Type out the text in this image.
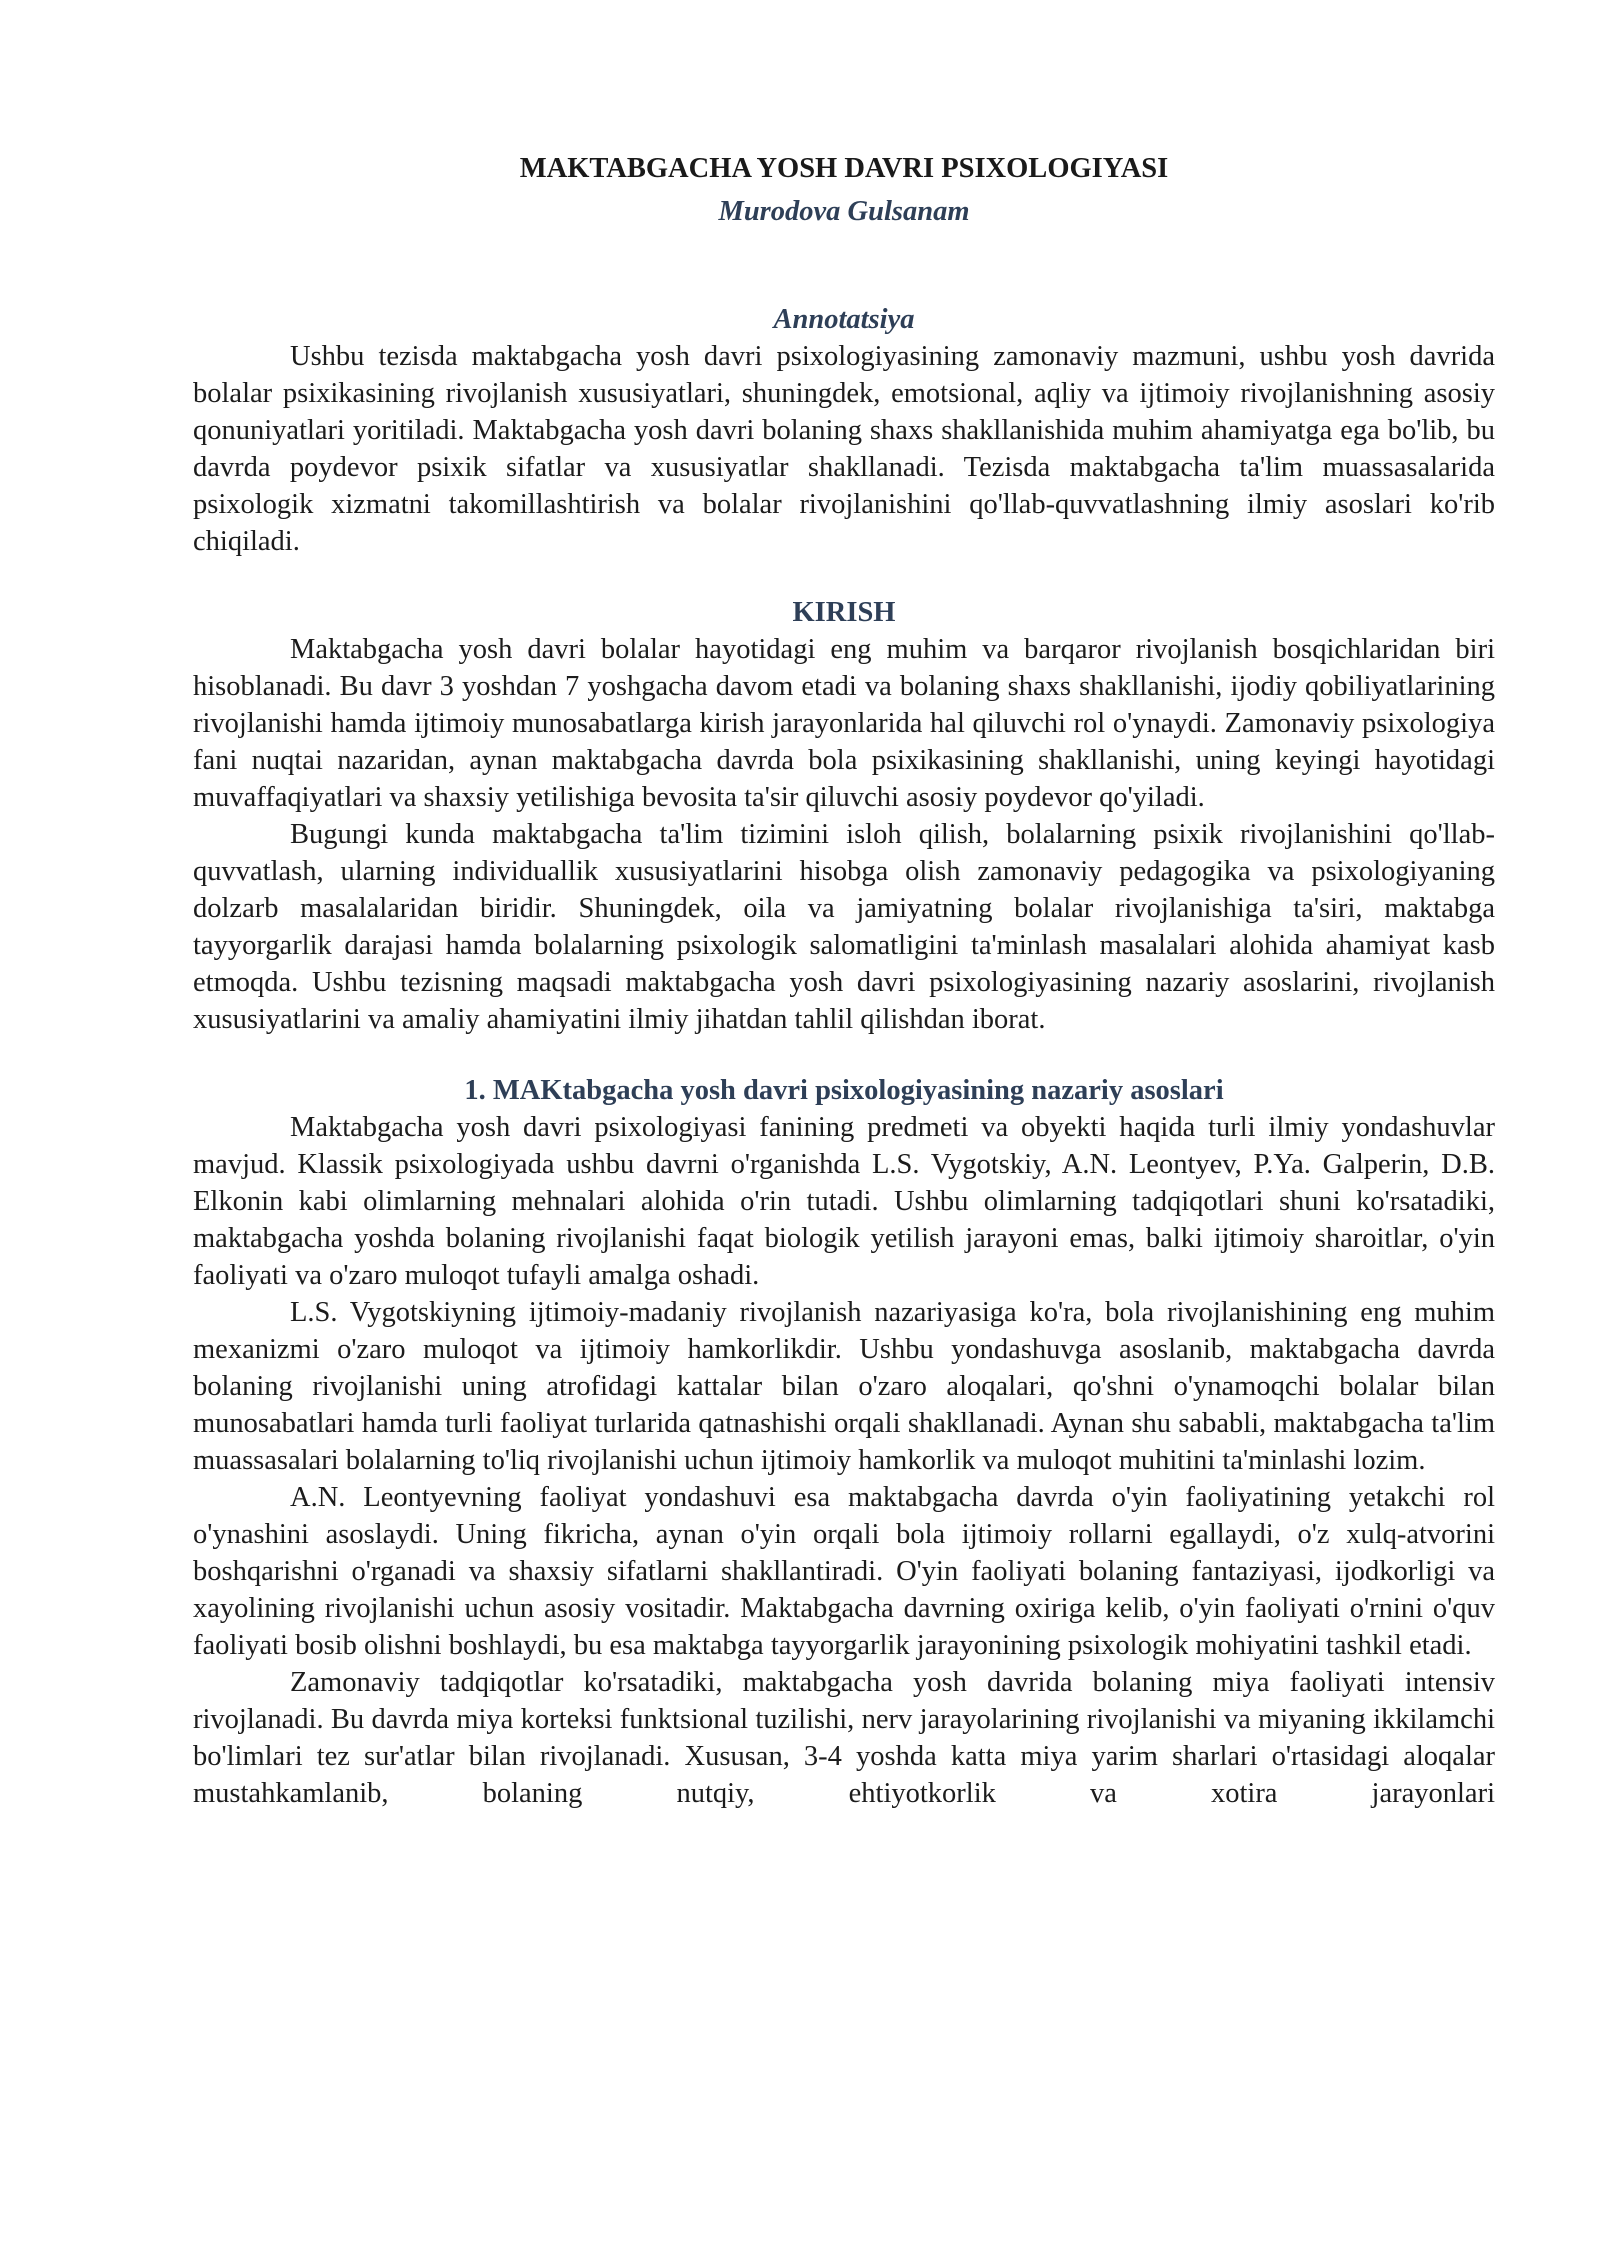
MAKTABGACHA YOSH DAVRI PSIXOLOGIYASI
Murodova Gulsanam
Annotatsiya

Ushbu tezisda maktabgacha yosh davri psixologiyasining zamonaviy mazmuni, ushbu yosh davrida bolalar psixikasining rivojlanish xususiyatlari, shuningdek, emotsional, aqliy va ijtimoiy rivojlanishning asosiy qonuniyatlari yoritiladi. Maktabgacha yosh davri bolaning shaxs shakllanishida muhim ahamiyatga ega bo'lib, bu davrda poydevor psixik sifatlar va xususiyatlar shakllanadi. Tezisda maktabgacha ta'lim muassasalarida psixologik xizmatni takomillashtirish va bolalar rivojlanishini qo'llab-quvvatlashning ilmiy asoslari ko'rib chiqiladi.

KIRISH

Maktabgacha yosh davri bolalar hayotidagi eng muhim va barqaror rivojlanish bosqichlaridan biri hisoblanadi. Bu davr 3 yoshdan 7 yoshgacha davom etadi va bolaning shaxs shakllanishi, ijodiy qobiliyatlarining rivojlanishi hamda ijtimoiy munosabatlarga kirish jarayonlarida hal qiluvchi rol o'ynaydi. Zamonaviy psixologiya fani nuqtai nazaridan, aynan maktabgacha davrda bola psixikasining shakllanishi, uning keyingi hayotidagi muvaffaqiyatlari va shaxsiy yetilishiga bevosita ta'sir qiluvchi asosiy poydevor qo'yiladi.

Bugungi kunda maktabgacha ta'lim tizimini isloh qilish, bolalarning psixik rivojlanishini qo'llab-quvvatlash, ularning individuallik xususiyatlarini hisobga olish zamonaviy pedagogika va psixologiyaning dolzarb masalalaridan biridir. Shuningdek, oila va jamiyatning bolalar rivojlanishiga ta'siri, maktabga tayyorgarlik darajasi hamda bolalarning psixologik salomatligini ta'minlash masalalari alohida ahamiyat kasb etmoqda. Ushbu tezisning maqsadi maktabgacha yosh davri psixologiyasining nazariy asoslarini, rivojlanish xususiyatlarini va amaliy ahamiyatini ilmiy jihatdan tahlil qilishdan iborat.

1. MAKtabgacha yosh davri psixologiyasining nazariy asoslari

Maktabgacha yosh davri psixologiyasi fanining predmeti va obyekti haqida turli ilmiy yondashuvlar mavjud. Klassik psixologiyada ushbu davrni o'rganishda L.S. Vygotskiy, A.N. Leontyev, P.Ya. Galperin, D.B. Elkonin kabi olimlarning mehnalari alohida o'rin tutadi. Ushbu olimlarning tadqiqotlari shuni ko'rsatadiki, maktabgacha yoshda bolaning rivojlanishi faqat biologik yetilish jarayoni emas, balki ijtimoiy sharoitlar, o'yin faoliyati va o'zaro muloqot tufayli amalga oshadi.

L.S. Vygotskiyning ijtimoiy-madaniy rivojlanish nazariyasiga ko'ra, bola rivojlanishining eng muhim mexanizmi o'zaro muloqot va ijtimoiy hamkorlikdir. Ushbu yondashuvga asoslanib, maktabgacha davrda bolaning rivojlanishi uning atrofidagi kattalar bilan o'zaro aloqalari, qo'shni o'ynamoqchi bolalar bilan munosabatlari hamda turli faoliyat turlarida qatnashishi orqali shakllanadi. Aynan shu sababli, maktabgacha ta'lim muassasalari bolalarning to'liq rivojlanishi uchun ijtimoiy hamkorlik va muloqot muhitini ta'minlashi lozim.

A.N. Leontyevning faoliyat yondashuvi esa maktabgacha davrda o'yin faoliyatining yetakchi rol o'ynashini asoslaydi. Uning fikricha, aynan o'yin orqali bola ijtimoiy rollarni egallaydi, o'z xulq-atvorini boshqarishni o'rganadi va shaxsiy sifatlarni shakllantiradi. O'yin faoliyati bolaning fantaziyasi, ijodkorligi va xayolining rivojlanishi uchun asosiy vositadir. Maktabgacha davrning oxiriga kelib, o'yin faoliyati o'rnini o'quv faoliyati bosib olishni boshlaydi, bu esa maktabga tayyorgarlik jarayonining psixologik mohiyatini tashkil etadi.

Zamonaviy tadqiqotlar ko'rsatadiki, maktabgacha yosh davrida bolaning miya faoliyati intensiv rivojlanadi. Bu davrda miya korteksi funktsional tuzilishi, nerv jarayolarining rivojlanishi va miyaning ikkilamchi bo'limlari tez sur'atlar bilan rivojlanadi. Xususan, 3-4 yoshda katta miya yarim sharlari o'rtasidagi aloqalar mustahkamlanib, bolaning nutqiy, ehtiyotkorlik va xotira jarayonlari
